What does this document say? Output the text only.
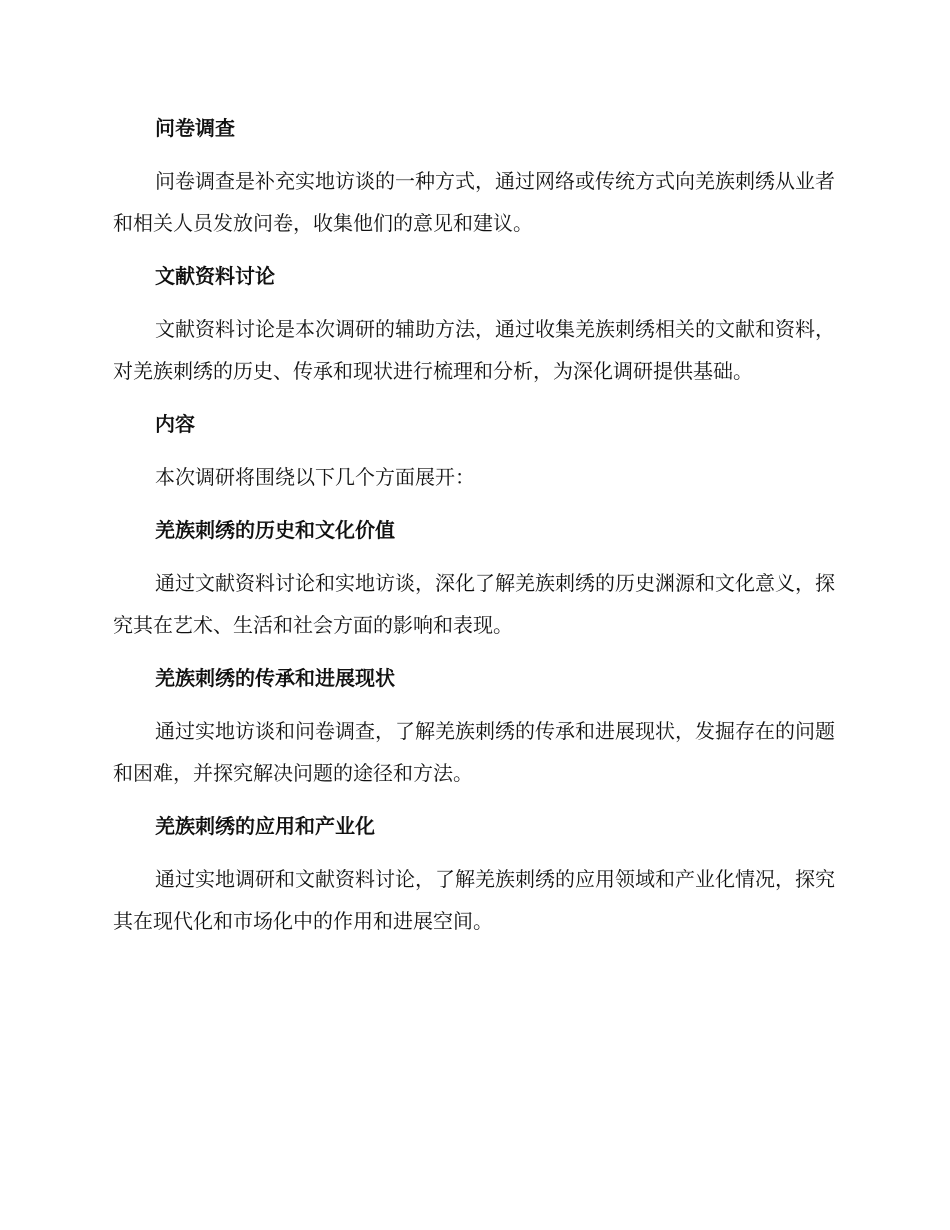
问卷调查
问卷调查是补充实地访谈的一种方式，通过网络或传统方式向羌族刺绣从业者和相关人员发放问卷，收集他们的意见和建议。
文献资料讨论
文献资料讨论是本次调研的辅助方法，通过收集羌族刺绣相关的文献和资料，对羌族刺绣的历史、传承和现状进行梳理和分析，为深化调研提供基础。
内容
本次调研将围绕以下几个方面展开：
羌族刺绣的历史和文化价值
通过文献资料讨论和实地访谈，深化了解羌族刺绣的历史渊源和文化意义，探究其在艺术、生活和社会方面的影响和表现。
羌族刺绣的传承和进展现状
通过实地访谈和问卷调查，了解羌族刺绣的传承和进展现状，发掘存在的问题和困难，并探究解决问题的途径和方法。
羌族刺绣的应用和产业化
通过实地调研和文献资料讨论，了解羌族刺绣的应用领域和产业化情况，探究其在现代化和市场化中的作用和进展空间。
